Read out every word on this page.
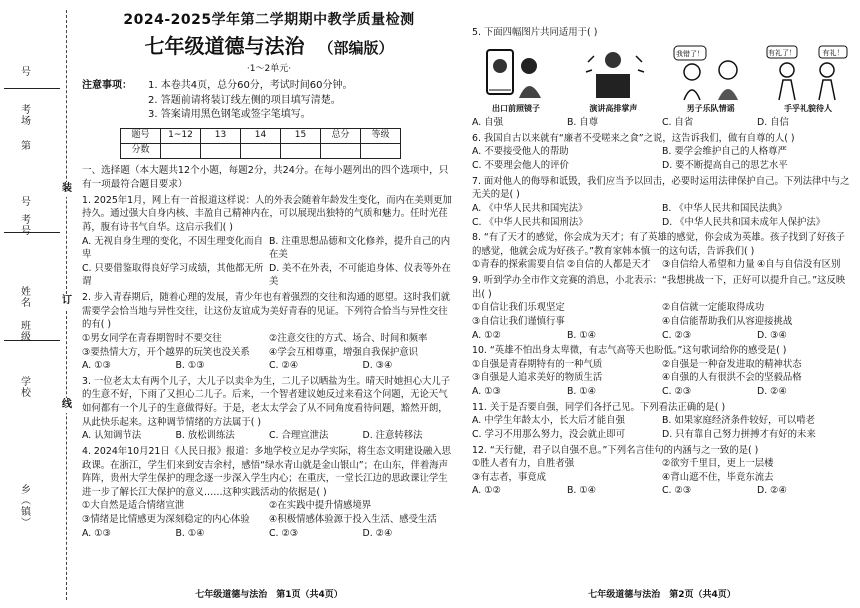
号
考场
第
号
考号
姓名
班级
学校
乡（镇）
装
订
线
2024-2025学年第二学期期中教学质量检测
七年级道德与法治 （部编版）
·1～2单元·
注意事项：	1. 本卷共4页，总分60分，考试时间60分钟。
2. 答题前请将装订线左侧的项目填写清楚。
3. 答案请用黑色钢笔或签字笔填写。
题号	1~12	13	14	15	总分	等级
分数						
一、选择题（本大题共12个小题，每题2分，共24分。在每小题列出的四个选项中，只有一项最符合题目要求）
1. 2025年1月，网上有一首报道这样说：人的外表会随着年龄发生变化，而内在美则更加持久。通过强大自身内核、丰盈自己精神内在，可以展现出独特的气质和魅力。任时光荏苒，腹有诗书气自华。这启示我们( )
A. 无视自身生理的变化，不因生理变化而自卑
B. 注重思想品德和文化修养，提升自己的内在美
C. 只要借鉴取得良好学习成绩，其他都无所谓
D. 美不在外表，不可能追身体、仪表等外在美
2. 步入青春期后，随着心理的发展，青少年也有着强烈的交往和沟通的愿望。这时我们就需要学会恰当地与异性交往，让这份友谊成为美好青春的见证。下列符合恰当与异性交往的有( )
①男女同学在青春期智时不要交往	②注意交往的方式、场合、时间和频率
③要热情大方，开个越界的玩笑也没关系	④学会互相尊重，增强自我保护意识
A. ①③	B. ①③	C. ②④	D. ③④
3. 一位老太太有两个儿子，大儿子以卖伞为生，二儿子以晒盐为生。晴天时她担心大儿子的生意不好，下雨了又担心二儿子。后来，一个智者建议她反过来看这个问题，无论天气如何都有一个儿子的生意做得好。于是，老太太学会了从不同角度看待问题，豁然开朗，从此快乐起来。这种调节情绪的方法属于( )
A. 认知调节法	B. 放松训练法	C. 合理宣泄法	D. 注意转移法
4. 2024年10月21日《人民日报》报道：多地学校立足办学实际，将生态文明建设融入思政课。在浙江，学生们来到安吉余村，感悟“绿水青山就是金山银山”；在山东，伴着海声阵阵，贵州大学生保护的理念逐一步深入学生内心；在重庆，一堂长江边的思政课让学生进一步了解长江大保护的意义……这种实践活动的依据是( )
①大自然是适合情绪宣泄	②在实践中提升情感境界
③情绪是比情感更为深刻稳定的内心体验	④积极情感体验源于投入生活、感受生活
A. ①③	B. ①④	C. ②③	D. ②④
七年级道德与法治　第1页（共4页）
5. 下面四幅图片共同适用于( )
出口前照镜子	演讲高排掌声
我错了！
男子乐队情谣
有礼了！	有礼！
手乎礼貌待人
A. 自强	B. 自尊	C. 自省	D. 自信
6. 我国自古以来就有“廉者不受嗟来之食”之说，这告诉我们，做有自尊的人( )
A. 不要接受他人的帮助	B. 要学会维护自己的人格尊严
C. 不要理会他人的评价	D. 要不断提高自己的思艺水平
7. 面对他人的侮辱和诋毁，我们应当予以回击，必要时运用法律保护自己。下列法律中与之无关的是( )
A. 《中华人民共和国宪法》	B. 《中华人民共和国民法典》
C. 《中华人民共和国刑法》	D. 《中华人民共和国未成年人保护法》
8. “有了天才的感觉，你会成为天才；有了英雄的感觉，你会成为英雄。孩子找到了好孩子的感觉，他就会成为好孩子。”教育家韩本慎一的这句话，告诉我们( )
①青春的探索需要自信 ②自信的人都是天才	③自信给人希望和力量 ④自与自信没有区别
9. 听到学办全市作文竞赛的消息，小北表示：“我想挑战一下，正好可以提升自己。”这反映出( )
①自信让我们乐观坚定	②自信就一定能取得成功
③自信让我们谨慎行事	④自信能帮助我们从容迎接挑战
A. ①②	B. ①④	C. ②③	D. ③④
10. “英雄不怕出身太卑微，有志气高等天也盼低。”这句歌词给你的感受是( )
①自强是青春期特有的一种气质	②自强是一种奋发进取的精神状态
③自强是人追求美好的物质生活	④自强的人有很洪不会的坚毅品格
A. ①③	B. ①④	C. ②③	D. ②④
11. 关于是否要自强，同学们各抒己见。下列看法正确的是( )
A. 中学生年龄太小，长大后才能自强	B. 如果家庭经济条件较好，可以啃老
C. 学习不用那么努力，没会就止即可	D. 只有靠自己努力拼搏才有好的未来
12. “天行健，君子以自强不息。”下列名言佳句的内涵与之一致的是( )
①胜人者有力，自胜者强	②欲穷千里目，更上一层楼
③有志者，事竟成	④背山遮不住，毕竟东流去
A. ①②	B. ①④	C. ②③	D. ②④
七年级道德与法治　第2页（共4页）
